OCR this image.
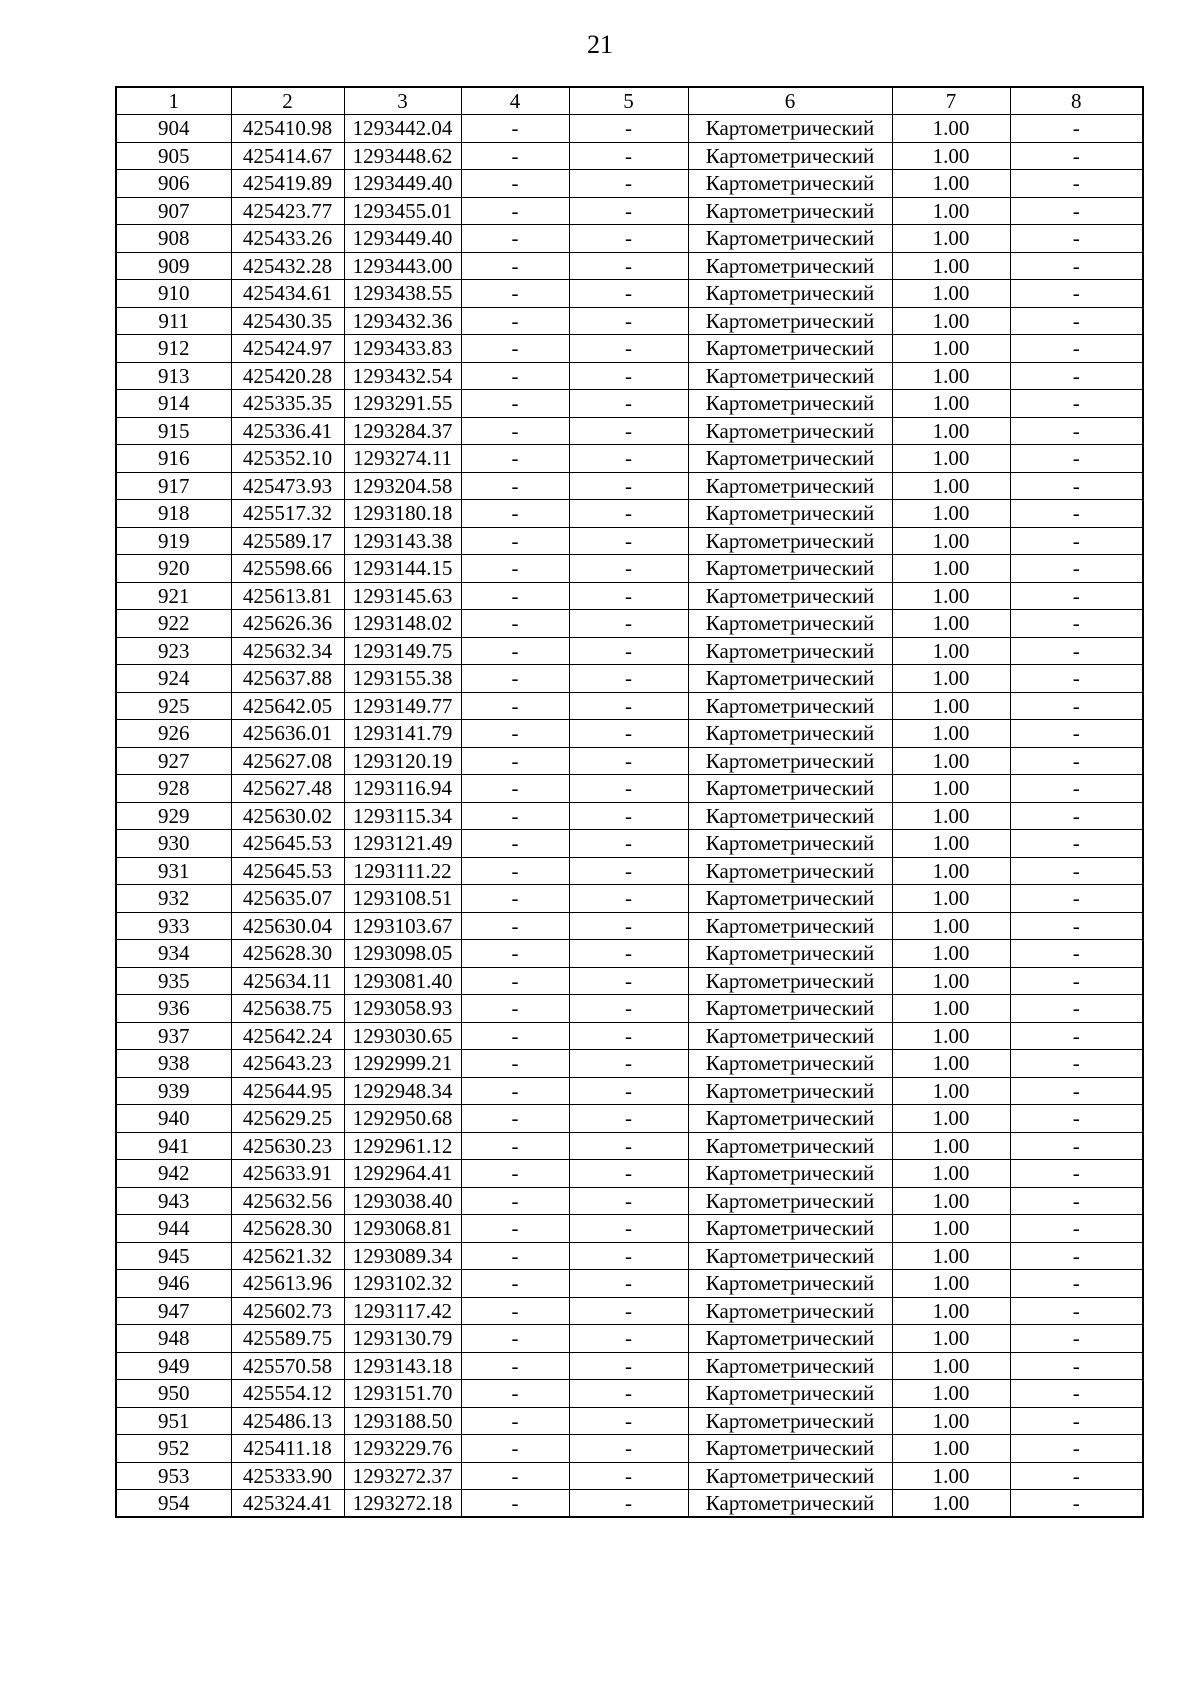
21
1	2	3	4	5	6	7	8
904	425410.98	1293442.04	-	-	Картометрический	1.00	-
905	425414.67	1293448.62	-	-	Картометрический	1.00	-
906	425419.89	1293449.40	-	-	Картометрический	1.00	-
907	425423.77	1293455.01	-	-	Картометрический	1.00	-
908	425433.26	1293449.40	-	-	Картометрический	1.00	-
909	425432.28	1293443.00	-	-	Картометрический	1.00	-
910	425434.61	1293438.55	-	-	Картометрический	1.00	-
911	425430.35	1293432.36	-	-	Картометрический	1.00	-
912	425424.97	1293433.83	-	-	Картометрический	1.00	-
913	425420.28	1293432.54	-	-	Картометрический	1.00	-
914	425335.35	1293291.55	-	-	Картометрический	1.00	-
915	425336.41	1293284.37	-	-	Картометрический	1.00	-
916	425352.10	1293274.11	-	-	Картометрический	1.00	-
917	425473.93	1293204.58	-	-	Картометрический	1.00	-
918	425517.32	1293180.18	-	-	Картометрический	1.00	-
919	425589.17	1293143.38	-	-	Картометрический	1.00	-
920	425598.66	1293144.15	-	-	Картометрический	1.00	-
921	425613.81	1293145.63	-	-	Картометрический	1.00	-
922	425626.36	1293148.02	-	-	Картометрический	1.00	-
923	425632.34	1293149.75	-	-	Картометрический	1.00	-
924	425637.88	1293155.38	-	-	Картометрический	1.00	-
925	425642.05	1293149.77	-	-	Картометрический	1.00	-
926	425636.01	1293141.79	-	-	Картометрический	1.00	-
927	425627.08	1293120.19	-	-	Картометрический	1.00	-
928	425627.48	1293116.94	-	-	Картометрический	1.00	-
929	425630.02	1293115.34	-	-	Картометрический	1.00	-
930	425645.53	1293121.49	-	-	Картометрический	1.00	-
931	425645.53	1293111.22	-	-	Картометрический	1.00	-
932	425635.07	1293108.51	-	-	Картометрический	1.00	-
933	425630.04	1293103.67	-	-	Картометрический	1.00	-
934	425628.30	1293098.05	-	-	Картометрический	1.00	-
935	425634.11	1293081.40	-	-	Картометрический	1.00	-
936	425638.75	1293058.93	-	-	Картометрический	1.00	-
937	425642.24	1293030.65	-	-	Картометрический	1.00	-
938	425643.23	1292999.21	-	-	Картометрический	1.00	-
939	425644.95	1292948.34	-	-	Картометрический	1.00	-
940	425629.25	1292950.68	-	-	Картометрический	1.00	-
941	425630.23	1292961.12	-	-	Картометрический	1.00	-
942	425633.91	1292964.41	-	-	Картометрический	1.00	-
943	425632.56	1293038.40	-	-	Картометрический	1.00	-
944	425628.30	1293068.81	-	-	Картометрический	1.00	-
945	425621.32	1293089.34	-	-	Картометрический	1.00	-
946	425613.96	1293102.32	-	-	Картометрический	1.00	-
947	425602.73	1293117.42	-	-	Картометрический	1.00	-
948	425589.75	1293130.79	-	-	Картометрический	1.00	-
949	425570.58	1293143.18	-	-	Картометрический	1.00	-
950	425554.12	1293151.70	-	-	Картометрический	1.00	-
951	425486.13	1293188.50	-	-	Картометрический	1.00	-
952	425411.18	1293229.76	-	-	Картометрический	1.00	-
953	425333.90	1293272.37	-	-	Картометрический	1.00	-
954	425324.41	1293272.18	-	-	Картометрический	1.00	-
